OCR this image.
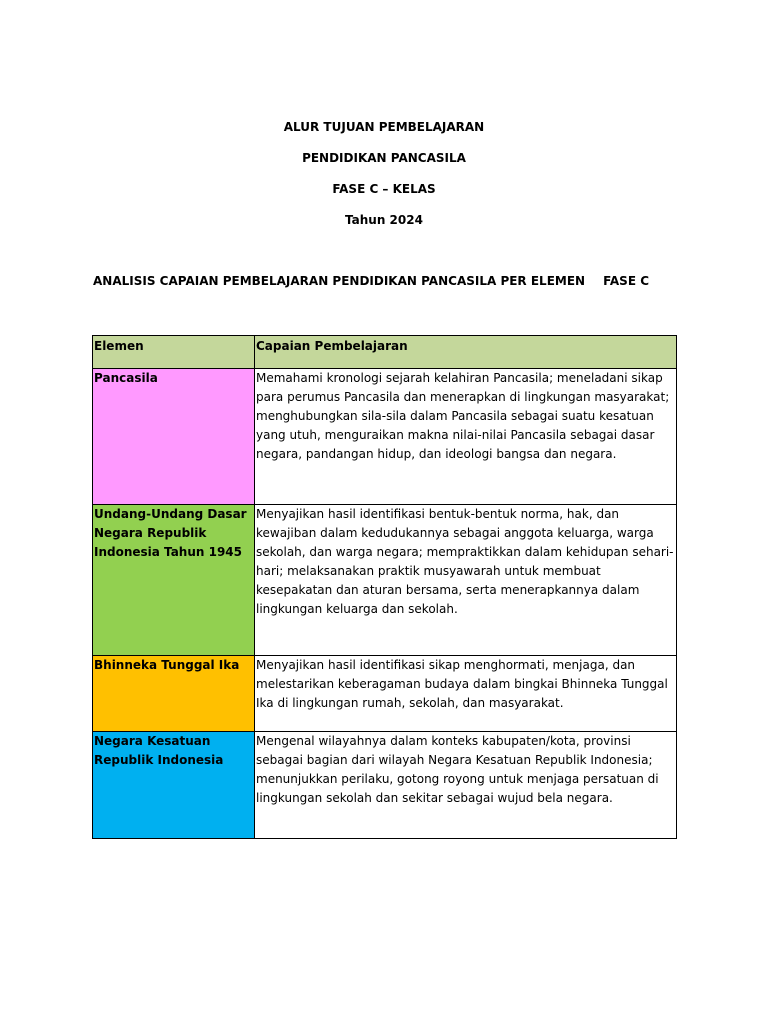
ALUR TUJUAN PEMBELAJARAN
PENDIDIKAN PANCASILA
FASE C – KELAS
Tahun 2024
ANALISIS CAPAIAN PEMBELAJARAN PENDIDIKAN PANCASILA PER ELEMEN FASE C
Elemen	Capaian Pembelajaran
Pancasila	Memahami kronologi sejarah kelahiran Pancasila; meneladani sikap para perumus Pancasila dan menerapkan di lingkungan masyarakat; menghubungkan sila-sila dalam Pancasila sebagai suatu kesatuan yang utuh, menguraikan makna nilai-nilai Pancasila sebagai dasar negara, pandangan hidup, dan ideologi bangsa dan negara.
Undang-Undang Dasar Negara Republik Indonesia Tahun 1945	Menyajikan hasil identifikasi bentuk-bentuk norma, hak, dan kewajiban dalam kedudukannya sebagai anggota keluarga, warga sekolah, dan warga negara; mempraktikkan dalam kehidupan sehari-hari; melaksanakan praktik musyawarah untuk membuat kesepakatan dan aturan bersama, serta menerapkannya dalam lingkungan keluarga dan sekolah.
Bhinneka Tunggal Ika	Menyajikan hasil identifikasi sikap menghormati, menjaga, dan melestarikan keberagaman budaya dalam bingkai Bhinneka Tunggal Ika di lingkungan rumah, sekolah, dan masyarakat.
Negara Kesatuan Republik Indonesia	Mengenal wilayahnya dalam konteks kabupaten/kota, provinsi sebagai bagian dari wilayah Negara Kesatuan Republik Indonesia; menunjukkan perilaku, gotong royong untuk menjaga persatuan di lingkungan sekolah dan sekitar sebagai wujud bela negara.
